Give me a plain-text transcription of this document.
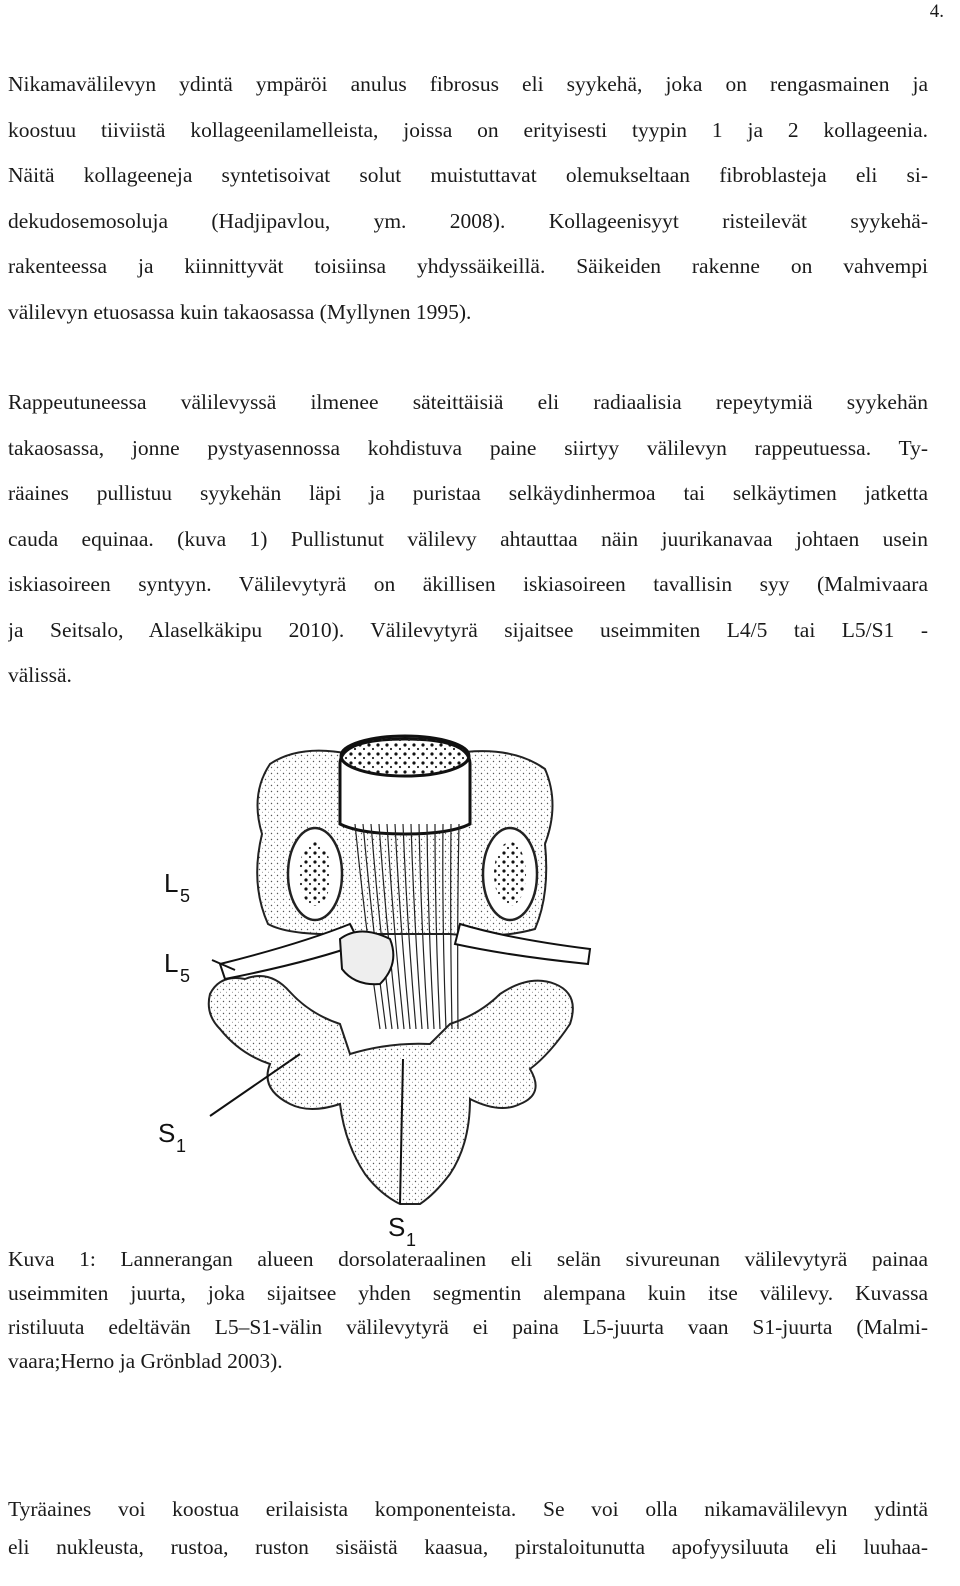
4.
Nikamavälilevyn ydintä ympäröi anulus fibrosus eli syykehä, joka on rengasmainen ja
koostuu tiiviistä kollageenilamelleista, joissa on erityisesti tyypin 1 ja 2 kollageenia.
Näitä kollageeneja syntetisoivat solut muistuttavat olemukseltaan fibroblasteja eli si-
dekudosemosoluja (Hadjipavlou, ym. 2008). Kollageenisyyt risteilevät syykehä-
rakenteessa ja kiinnittyvät toisiinsa yhdyssäikeillä. Säikeiden rakenne on vahvempi
välilevyn etuosassa kuin takaosassa (Myllynen 1995).
Rappeutuneessa välilevyssä ilmenee säteittäisiä eli radiaalisia repeytymiä syykehän
takaosassa, jonne pystyasennossa kohdistuva paine siirtyy välilevyn rappeutuessa. Ty-
räaines pullistuu syykehän läpi ja puristaa selkäydinhermoa tai selkäytimen jatketta
cauda equinaa. (kuva 1) Pullistunut välilevy ahtauttaa näin juurikanavaa johtaen usein
iskiasoireen syntyyn. Välilevytyrä on äkillisen iskiasoireen tavallisin syy (Malmivaara
ja Seitsalo, Alaselkäkipu 2010). Välilevytyrä sijaitsee useimmiten L4/5 tai L5/S1 -
välissä.
L 5
L 5
S 1
S 1
Kuva 1: Lannerangan alueen dorsolateraalinen eli selän sivureunan välilevytyrä painaa
useimmiten juurta, joka sijaitsee yhden segmentin alempana kuin itse välilevy. Kuvassa
ristiluuta edeltävän L5–S1-välin välilevytyrä ei paina L5-juurta vaan S1-juurta (Malmi-
vaara;Herno ja Grönblad 2003).
Tyräaines voi koostua erilaisista komponenteista. Se voi olla nikamavälilevyn ydintä
eli nukleusta, rustoa, ruston sisäistä kaasua, pirstaloitunutta apofyysiluuta eli luuhaa-
